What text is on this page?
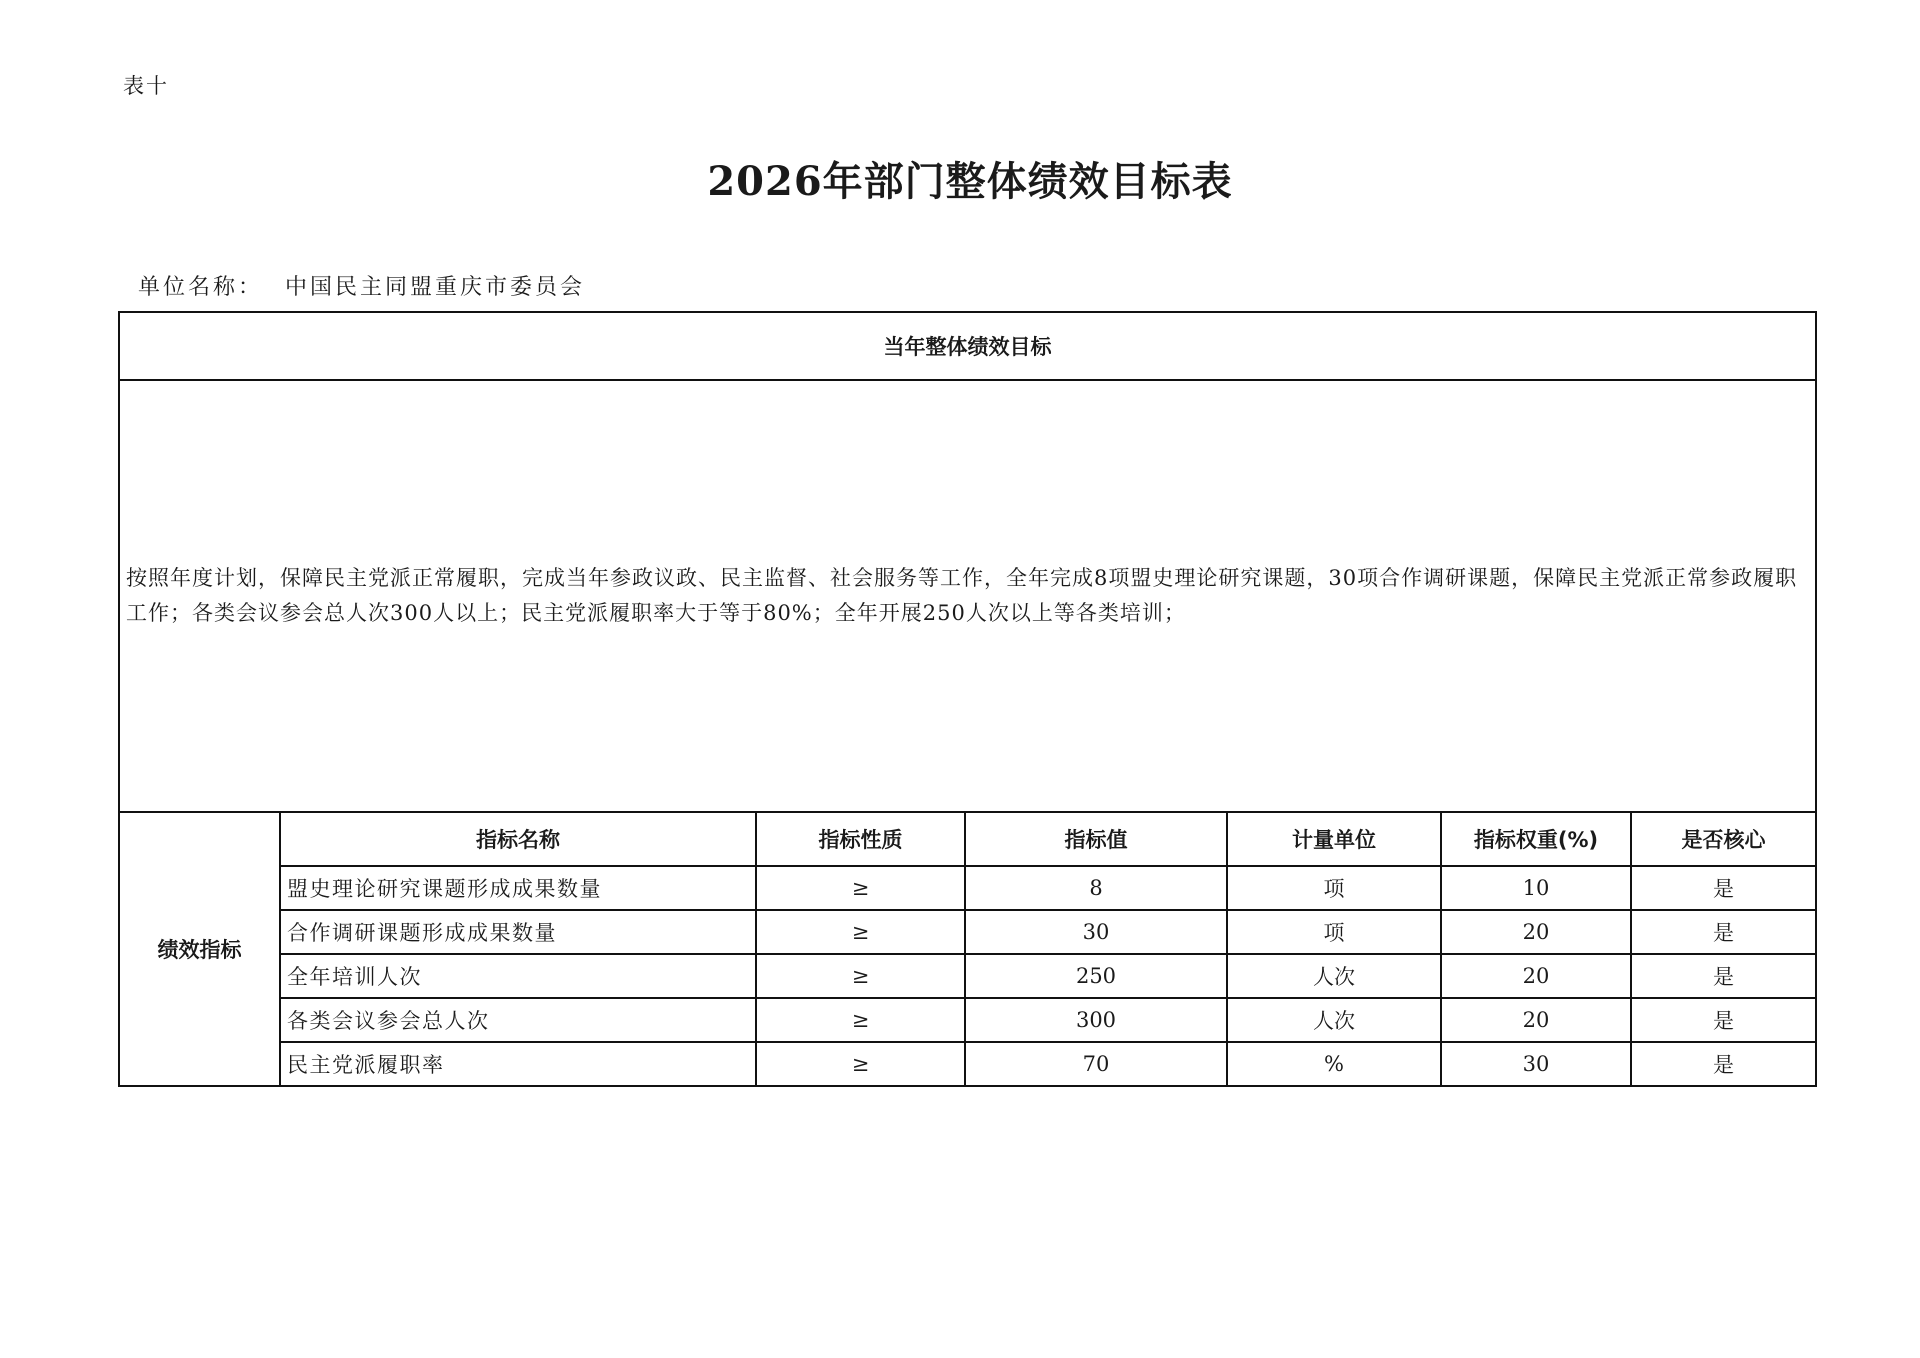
表十
2026年部门整体绩效目标表
单位名称： 中国民主同盟重庆市委员会
当年整体绩效目标						
按照年度计划，保障民主党派正常履职，完成当年参政议政、民主监督、社会服务等工作，全年完成8项盟史理论研究课题，30项合作调研课题，保障民主党派正常参政履职工作；各类会议参会总人次300人以上；民主党派履职率大于等于80%；全年开展250人次以上等各类培训；						
绩效指标	指标名称	指标性质	指标值	计量单位	指标权重(%)	是否核心
	盟史理论研究课题形成成果数量	≥	8	项	10	是
	合作调研课题形成成果数量	≥	30	项	20	是
	全年培训人次	≥	250	人次	20	是
	各类会议参会总人次	≥	300	人次	20	是
	民主党派履职率	≥	70	%	30	是
